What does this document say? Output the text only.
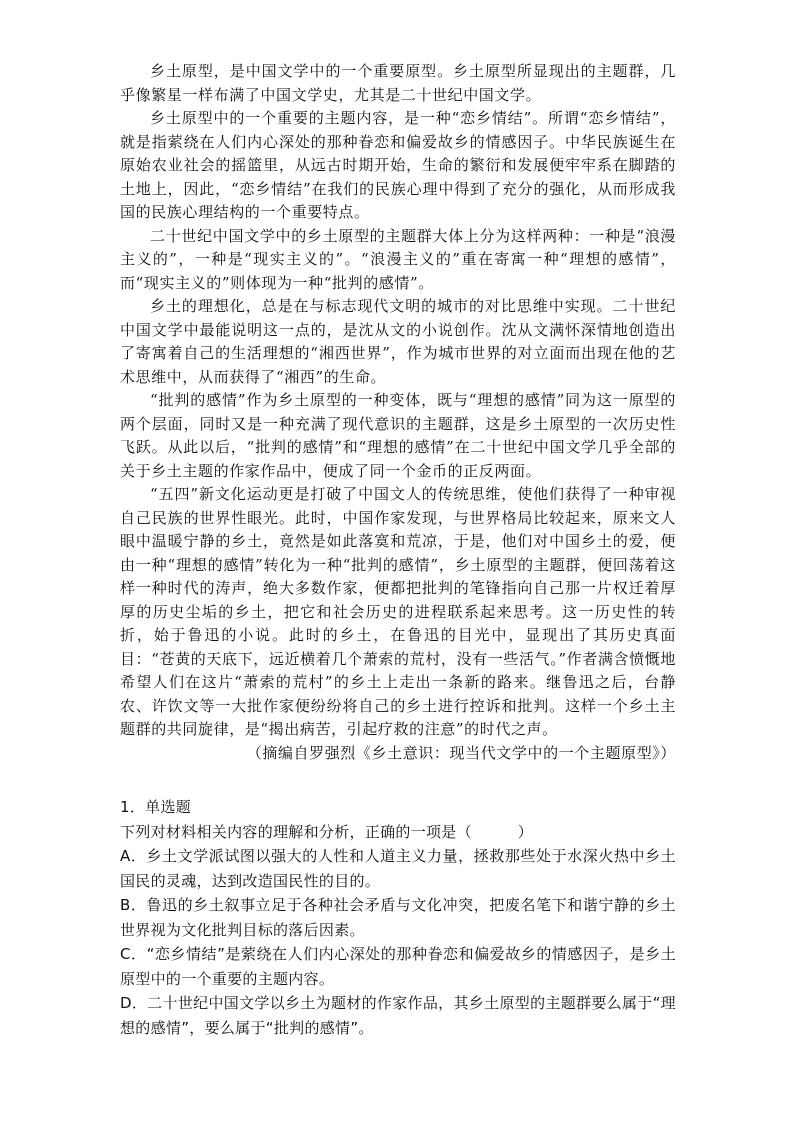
乡土原型，是中国文学中的一个重要原型。乡土原型所显现出的主题群，几乎像繁星一样布满了中国文学史，尤其是二十世纪中国文学。

乡土原型中的一个重要的主题内容，是一种“恋乡情结”。所谓“恋乡情结”，就是指萦绕在人们内心深处的那种眷恋和偏爱故乡的情感因子。中华民族诞生在原始农业社会的摇篮里，从远古时期开始，生命的繁衍和发展便牢牢系在脚踏的土地上，因此，“恋乡情结”在我们的民族心理中得到了充分的强化，从而形成我国的民族心理结构的一个重要特点。

二十世纪中国文学中的乡土原型的主题群大体上分为这样两种：一种是“浪漫主义的”，一种是“现实主义的”。“浪漫主义的”重在寄寓一种“理想的感情”，而“现实主义的”则体现为一种“批判的感情”。

乡土的理想化，总是在与标志现代文明的城市的对比思维中实现。二十世纪中国文学中最能说明这一点的，是沈从文的小说创作。沈从文满怀深情地创造出了寄寓着自己的生活理想的“湘西世界”，作为城市世界的对立面而出现在他的艺术思维中，从而获得了“湘西”的生命。

“批判的感情”作为乡土原型的一种变体，既与“理想的感情”同为这一原型的两个层面，同时又是一种充满了现代意识的主题群，这是乡土原型的一次历史性飞跃。从此以后，“批判的感情”和“理想的感情”在二十世纪中国文学几乎全部的关于乡土主题的作家作品中，便成了同一个金币的正反两面。

“五四”新文化运动更是打破了中国文人的传统思维，使他们获得了一种审视自己民族的世界性眼光。此时，中国作家发现，与世界格局比较起来，原来文人眼中温暖宁静的乡土，竟然是如此落寞和荒凉，于是，他们对中国乡土的爱，便由一种“理想的感情”转化为一种“批判的感情”，乡土原型的主题群，便回荡着这样一种时代的涛声，绝大多数作家，便都把批判的笔锋指向自己那一片权迁着厚厚的历史尘垢的乡土，把它和社会历史的进程联系起来思考。这一历史性的转折，始于鲁迅的小说。此时的乡土，在鲁迅的目光中，显现出了其历史真面目：“苍黄的天底下，远近横着几个萧索的荒村，没有一些活气。”作者满含愤慨地希望人们在这片“萧索的荒村”的乡土上走出一条新的路来。继鲁迅之后，台静农、许饮文等一大批作家便纷纷将自己的乡土进行控诉和批判。这样一个乡土主题群的共同旋律，是“揭出病苦，引起疗救的注意”的时代之声。

（摘编自罗强烈《乡土意识：现当代文学中的一个主题原型》）
1．单选题
下列对材料相关内容的理解和分析，正确的一项是（　　　）
A．乡土文学派试图以强大的人性和人道主义力量，拯救那些处于水深火热中乡土国民的灵魂，达到改造国民性的目的。
B．鲁迅的乡土叙事立足于各种社会矛盾与文化冲突，把废名笔下和谐宁静的乡土世界视为文化批判目标的落后因素。
C．“恋乡情结”是萦绕在人们内心深处的那种眷恋和偏爱故乡的情感因子，是乡土原型中的一个重要的主题内容。
D．二十世纪中国文学以乡土为题材的作家作品，其乡土原型的主题群要么属于“理想的感情”，要么属于“批判的感情”。
